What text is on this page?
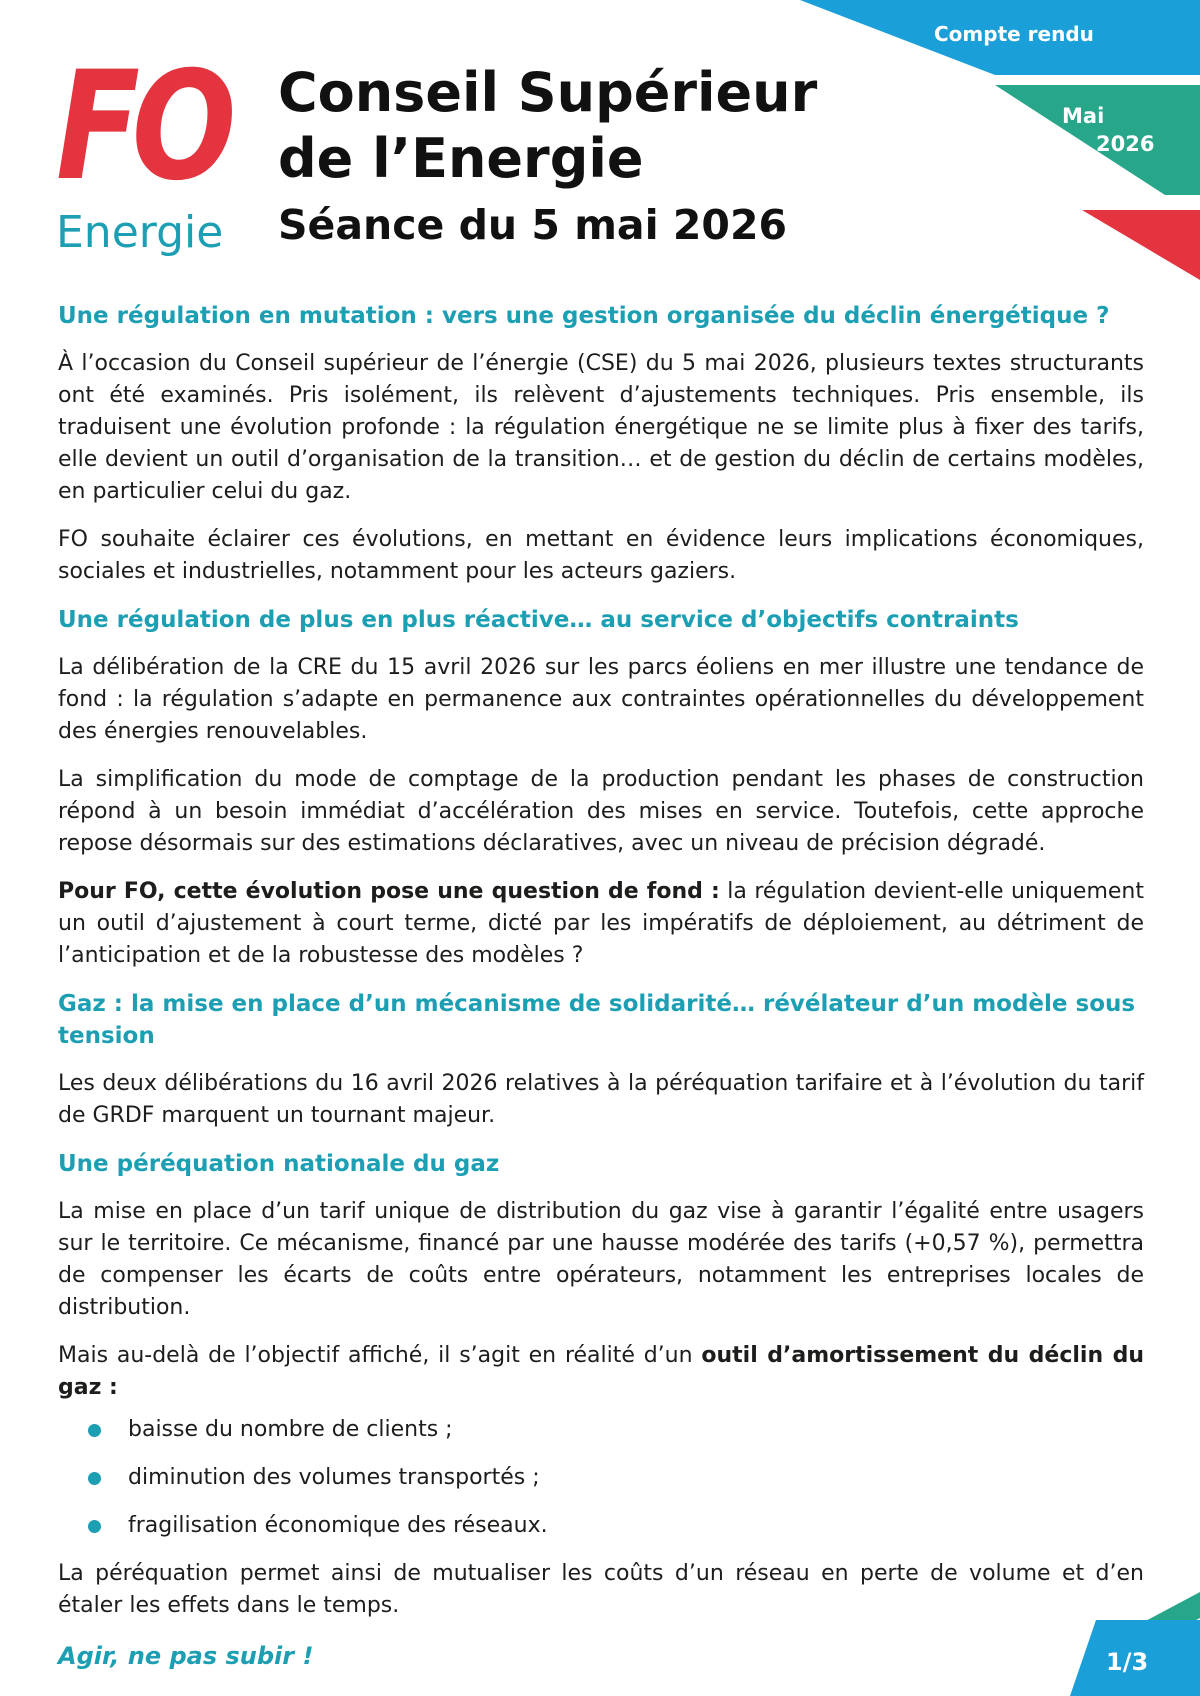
FO
Energie
Conseil Supérieur
de l’Energie
Séance du 5 mai 2026
Compte rendu
Mai
2026
Une régulation en mutation : vers une gestion organisée du déclin énergétique ?

À l’occasion du Conseil supérieur de l’énergie (CSE) du 5 mai 2026, plusieurs textes structurants ont été examinés. Pris isolément, ils relèvent d’ajustements techniques. Pris ensemble, ils traduisent une évolution profonde : la régulation énergétique ne se limite plus à fixer des tarifs, elle devient un outil d’organisation de la transition… et de gestion du déclin de certains modèles, en particulier celui du gaz.

FO souhaite éclairer ces évolutions, en mettant en évidence leurs implications économiques, sociales et industrielles, notamment pour les acteurs gaziers.

Une régulation de plus en plus réactive… au service d’objectifs contraints

La délibération de la CRE du 15 avril 2026 sur les parcs éoliens en mer illustre une tendance de fond : la régulation s’adapte en permanence aux contraintes opérationnelles du développement des énergies renouvelables.

La simplification du mode de comptage de la production pendant les phases de construction répond à un besoin immédiat d’accélération des mises en service. Toutefois, cette approche repose désormais sur des estimations déclaratives, avec un niveau de précision dégradé.

Pour FO, cette évolution pose une question de fond : la régulation devient-elle uniquement un outil d’ajustement à court terme, dicté par les impératifs de déploiement, au détriment de l’anticipation et de la robustesse des modèles ?

Gaz : la mise en place d’un mécanisme de solidarité… révélateur d’un modèle sous tension

Les deux délibérations du 16 avril 2026 relatives à la péréquation tarifaire et à l’évolution du tarif de GRDF marquent un tournant majeur.

Une péréquation nationale du gaz

La mise en place d’un tarif unique de distribution du gaz vise à garantir l’égalité entre usagers sur le territoire. Ce mécanisme, financé par une hausse modérée des tarifs (+0,57 %), permettra de compenser les écarts de coûts entre opérateurs, notamment les entreprises locales de distribution.

Mais au-delà de l’objectif affiché, il s’agit en réalité d’un outil d’amortissement du déclin du gaz :

baisse du nombre de clients ;
diminution des volumes transportés ;
fragilisation économique des réseaux.

La péréquation permet ainsi de mutualiser les coûts d’un réseau en perte de volume et d’en étaler les effets dans le temps.

Agir, ne pas subir !	1/3
